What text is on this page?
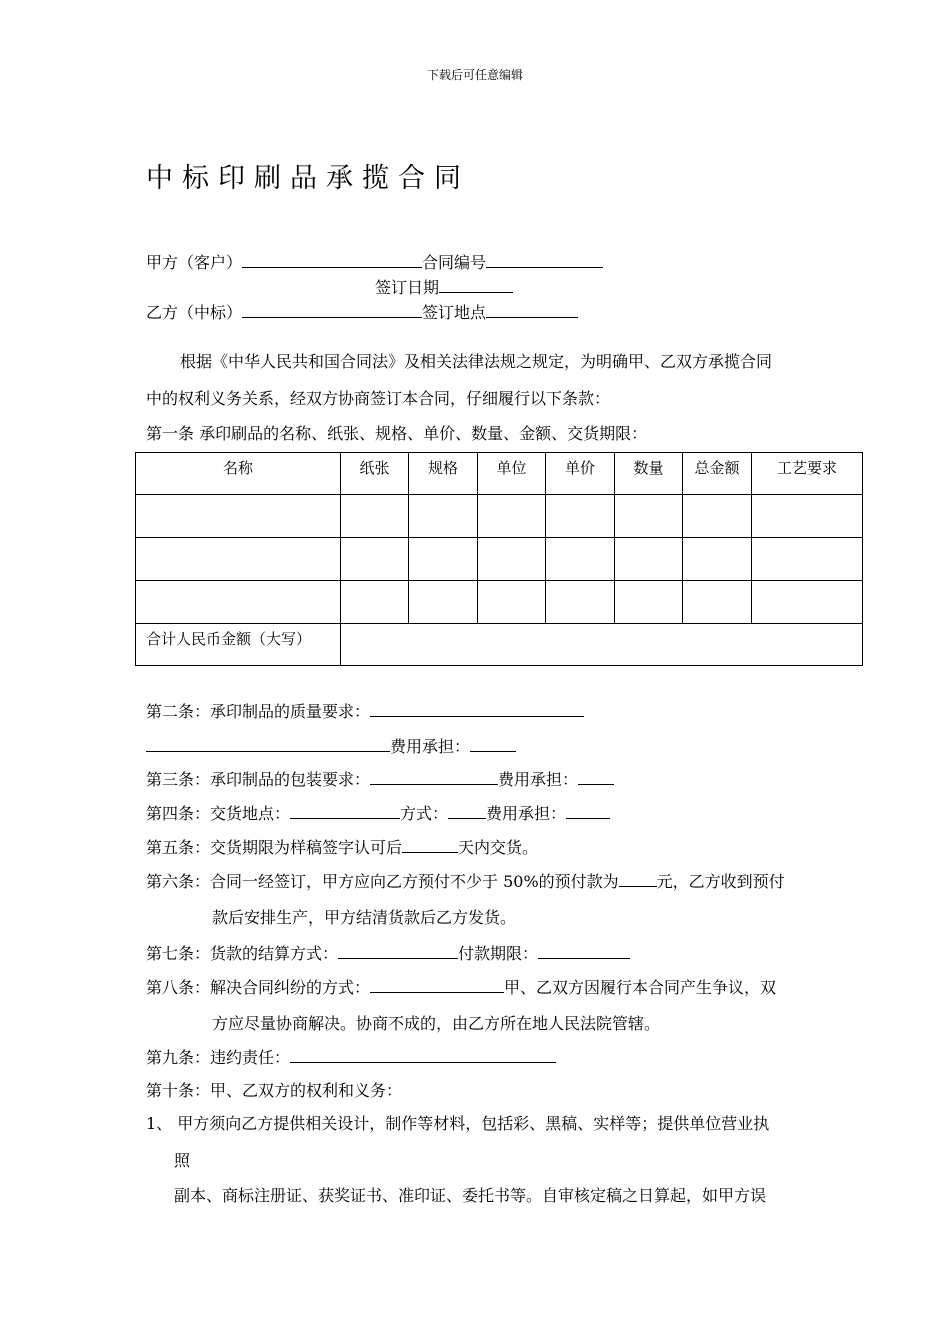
下载后可任意编辑
中标印刷品承揽合同
甲方（客户）	合同编号
签订日期
乙方（中标）	签订地点
根据《中华人民共和国合同法》及相关法律法规之规定，为明确甲、乙双方承揽合同
中的权利义务关系，经双方协商签订本合同，仔细履行以下条款：
第一条 承印刷品的名称、纸张、规格、单价、数量、金额、交货期限：
名称	纸张	规格	单位	单价	数量	总金额	工艺要求

合计人民币金额（大写）							
第二条：承印制品的质量要求：
费用承担：
第三条：承印制品的包装要求：	费用承担：
第四条：交货地点：	方式： 费用承担：
第五条：交货期限为样稿签字认可后	天内交货。
第六条：合同一经签订，甲方应向乙方预付不少于 50%的预付款为 元，乙方收到预付
款后安排生产，甲方结清货款后乙方发货。
第七条：货款的结算方式：	付款期限：
第八条：解决合同纠纷的方式：	甲、乙双方因履行本合同产生争议，双
方应尽量协商解决。协商不成的，由乙方所在地人民法院管辖。
第九条：违约责任：
第十条：甲、乙双方的权利和义务：
1、 甲方须向乙方提供相关设计，制作等材料，包括彩、黑稿、实样等；提供单位营业执
照
副本、商标注册证、获奖证书、准印证、委托书等。自审核定稿之日算起，如甲方误
